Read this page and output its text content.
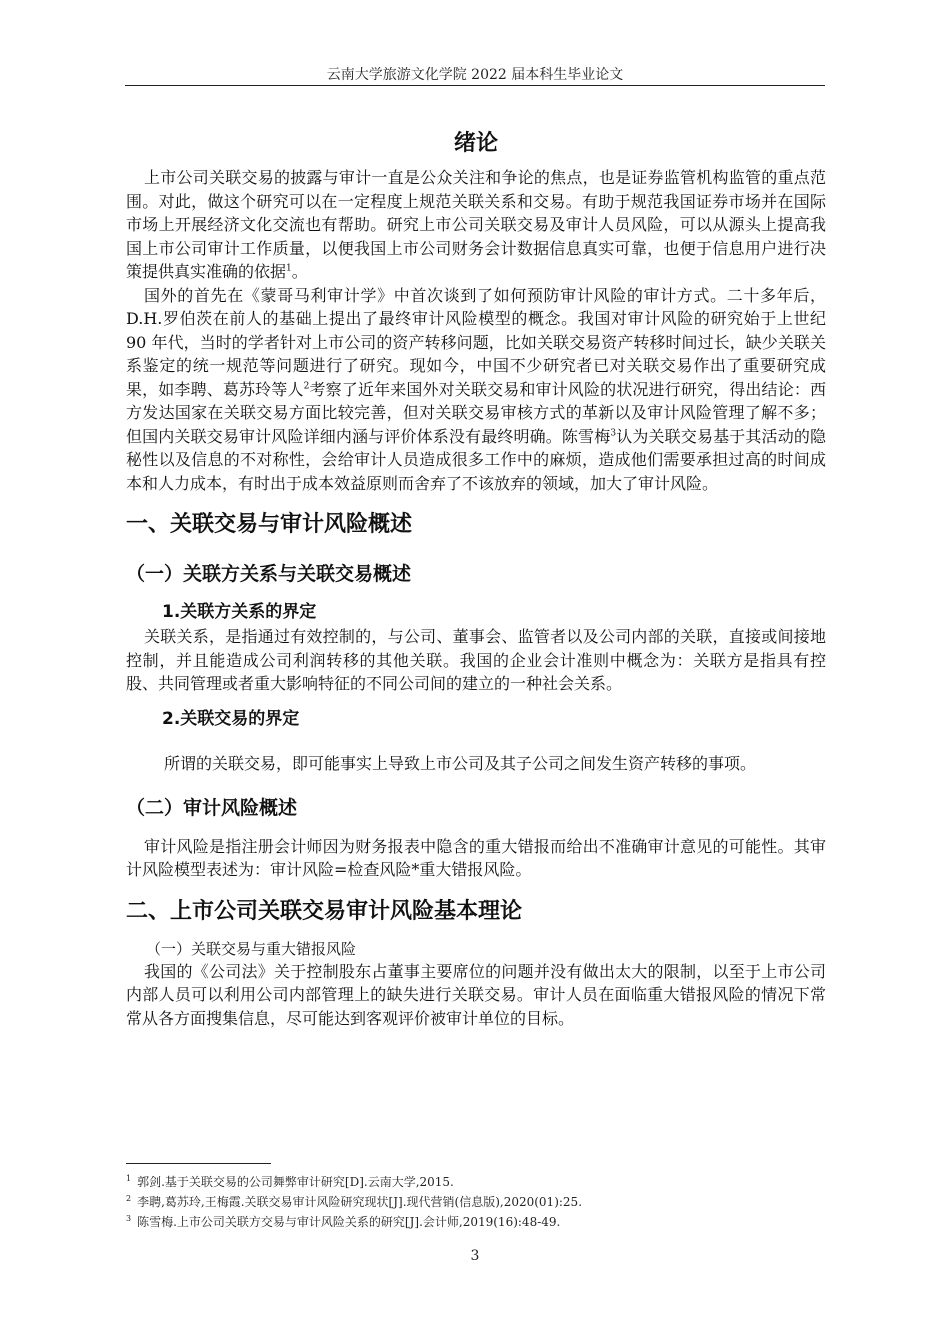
云南大学旅游文化学院 2022 届本科生毕业论文
绪论

上市公司关联交易的披露与审计一直是公众关注和争论的焦点，也是证券监管机构监管的重点范围。对此，做这个研究可以在一定程度上规范关联关系和交易。有助于规范我国证券市场并在国际市场上开展经济文化交流也有帮助。研究上市公司关联交易及审计人员风险，可以从源头上提高我国上市公司审计工作质量，以便我国上市公司财务会计数据信息真实可靠，也便于信息用户进行决策提供真实准确的依据$^1$。

国外的首先在《蒙哥马利审计学》中首次谈到了如何预防审计风险的审计方式。二十多年后，D.H.罗伯茨在前人的基础上提出了最终审计风险模型的概念。我国对审计风险的研究始于上世纪 90 年代，当时的学者针对上市公司的资产转移问题，比如关联交易资产转移时间过长，缺少关联关系鉴定的统一规范等问题进行了研究。现如今，中国不少研究者已对关联交易作出了重要研究成果，如李聘、葛苏玲等人$^2$考察了近年来国外对关联交易和审计风险的状况进行研究，得出结论：西方发达国家在关联交易方面比较完善，但对关联交易审核方式的革新以及审计风险管理了解不多；但国内关联交易审计风险详细内涵与评价体系没有最终明确。陈雪梅$^3$认为关联交易基于其活动的隐秘性以及信息的不对称性，会给审计人员造成很多工作中的麻烦，造成他们需要承担过高的时间成本和人力成本，有时出于成本效益原则而舍弃了不该放弃的领域，加大了审计风险。

一、关联交易与审计风险概述
（一）关联方关系与关联交易概述
1.关联方关系的界定

关联关系，是指通过有效控制的，与公司、董事会、监管者以及公司内部的关联，直接或间接地控制，并且能造成公司利润转移的其他关联。我国的企业会计准则中概念为：关联方是指具有控股、共同管理或者重大影响特征的不同公司间的建立的一种社会关系。

2.关联交易的界定

所谓的关联交易，即可能事实上导致上市公司及其子公司之间发生资产转移的事项。

（二）审计风险概述

审计风险是指注册会计师因为财务报表中隐含的重大错报而给出不准确审计意见的可能性。其审计风险模型表述为：审计风险=检查风险*重大错报风险。

二、上市公司关联交易审计风险基本理论
（一）关联交易与重大错报风险

我国的《公司法》关于控制股东占董事主要席位的问题并没有做出太大的限制，以至于上市公司内部人员可以利用公司内部管理上的缺失进行关联交易。审计人员在面临重大错报风险的情况下常常从各方面搜集信息，尽可能达到客观评价被审计单位的目标。

$^1$ 郭剑.基于关联交易的公司舞弊审计研究[D].云南大学,2015.
$^2$ 李聘,葛苏玲,王梅霞.关联交易审计风险研究现状[J].现代营销(信息版),2020(01):25.
$^3$ 陈雪梅.上市公司关联方交易与审计风险关系的研究[J].会计师,2019(16):48-49.
3
